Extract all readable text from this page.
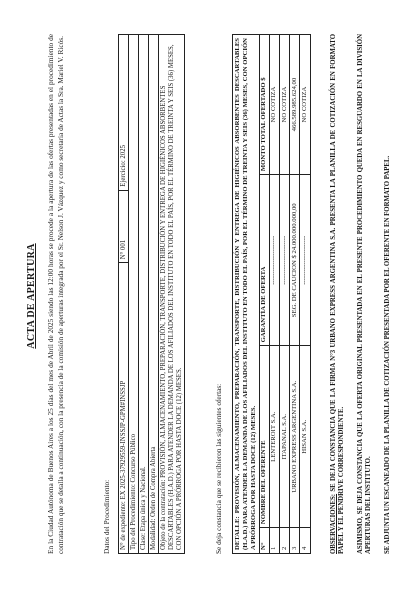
ACTA DE APERTURA En la Ciudad Autónoma de Buenos Aires a los 25 días del mes de Abril de 2025 siendo las 12:00 horas se procede a la apertura de las ofertas presentadas en el procedimiento de contratación que se detalla a continuación, con la presencia de la comisión de aperturas integrada por el Sr. Nelson J. Vázquez y como secretaria de Actas la Sra. Mariel V. Ricós.	Datos del Procedimiento: N° de expediente: EX 2025-37929559-INSSJP-GPM#INSSJP	N° 001	Ejercicio: 2025
Tipo del Procedimiento: Concurso Público
Clase: Etapa única y Nacional.
Modalidad: Orden de Compra Abierta
Objeto de la contratación: PROVISIÓN, ALMACENAMIENTO, PREPARACIÓN, TRANSPORTE, DISTRIBUCIÓN Y ENTREGA DE HIGIÉNICOS ABSORBENTES DESCARTABLES (H.A.D.) PARA ATENDER LA DEMANDA DE LOS AFILIADOS DEL INSTITUTO EN TODO EL PAÍS, POR EL TÉRMINO DE TREINTA Y SEIS (36) MESES, CON OPCIÓN A PRÓRROGA POR HASTA DOCE (12) MESES.	Se deja constancia que se recibieron las siguientes ofertas: DETALLE: PROVISIÓN, ALMACENAMIENTO, PREPARACIÓN, TRANSPORTE, DISTRIBUCIÓN Y ENTREGA DE HIGIÉNICOS ABSORBENTES DESCARTABLES (H.A.D.) PARA ATENDER LA DEMANDA DE LOS AFILIADOS DEL INSTITUTO EN TODO EL PAÍS, POR EL TÉRMINO DE TREINTA Y SEIS (36) MESES, CON OPCIÓN A PRÓRROGA POR HASTA DOCE (12) MESES.			
N°	NOMBRE DEL OFERENTE	GARANTÍA DE OFERTA	MONTO TOTAL OFERTADO $
1	LENTEROIT S.A.	----------------------	NO COTIZA
2	ITAPANAL S.A.	----------------------	NO COTIZA
3	URBANO EXPRESS ARGENTINA S.A.	SEG. DE CAUCION $ 24.000.000.000,00	466.589.985.624,00
4	HISAN S.A.	----------------------	NO COTIZA

OBSERVACIONES: SE DEJA CONSTANCIA QUE LA FIRMA N°3 URBANO EXPRESS ARGENTINA S.A. PRESENTA LA PLANILLA DE COTIZACIÓN EN FORMATO PAPEL Y EL PENDRIVE CORRESPONDIENTE. ASIMISMO, SE DEJA CONSTANCIA QUE LA OFERTA ORIGINAL PRESENTADA EN EL PRESENTE PROCEDIMIENTO QUEDA EN RESGUARDO EN LA DIVISIÓN APERTURAS DEL INSTITUTO. SE ADJUNTA UN ESCANEADO DE LA PLANILLA DE COTIZACIÓN PRESENTADA POR EL OFERENTE EN FORMATO PAPEL.
